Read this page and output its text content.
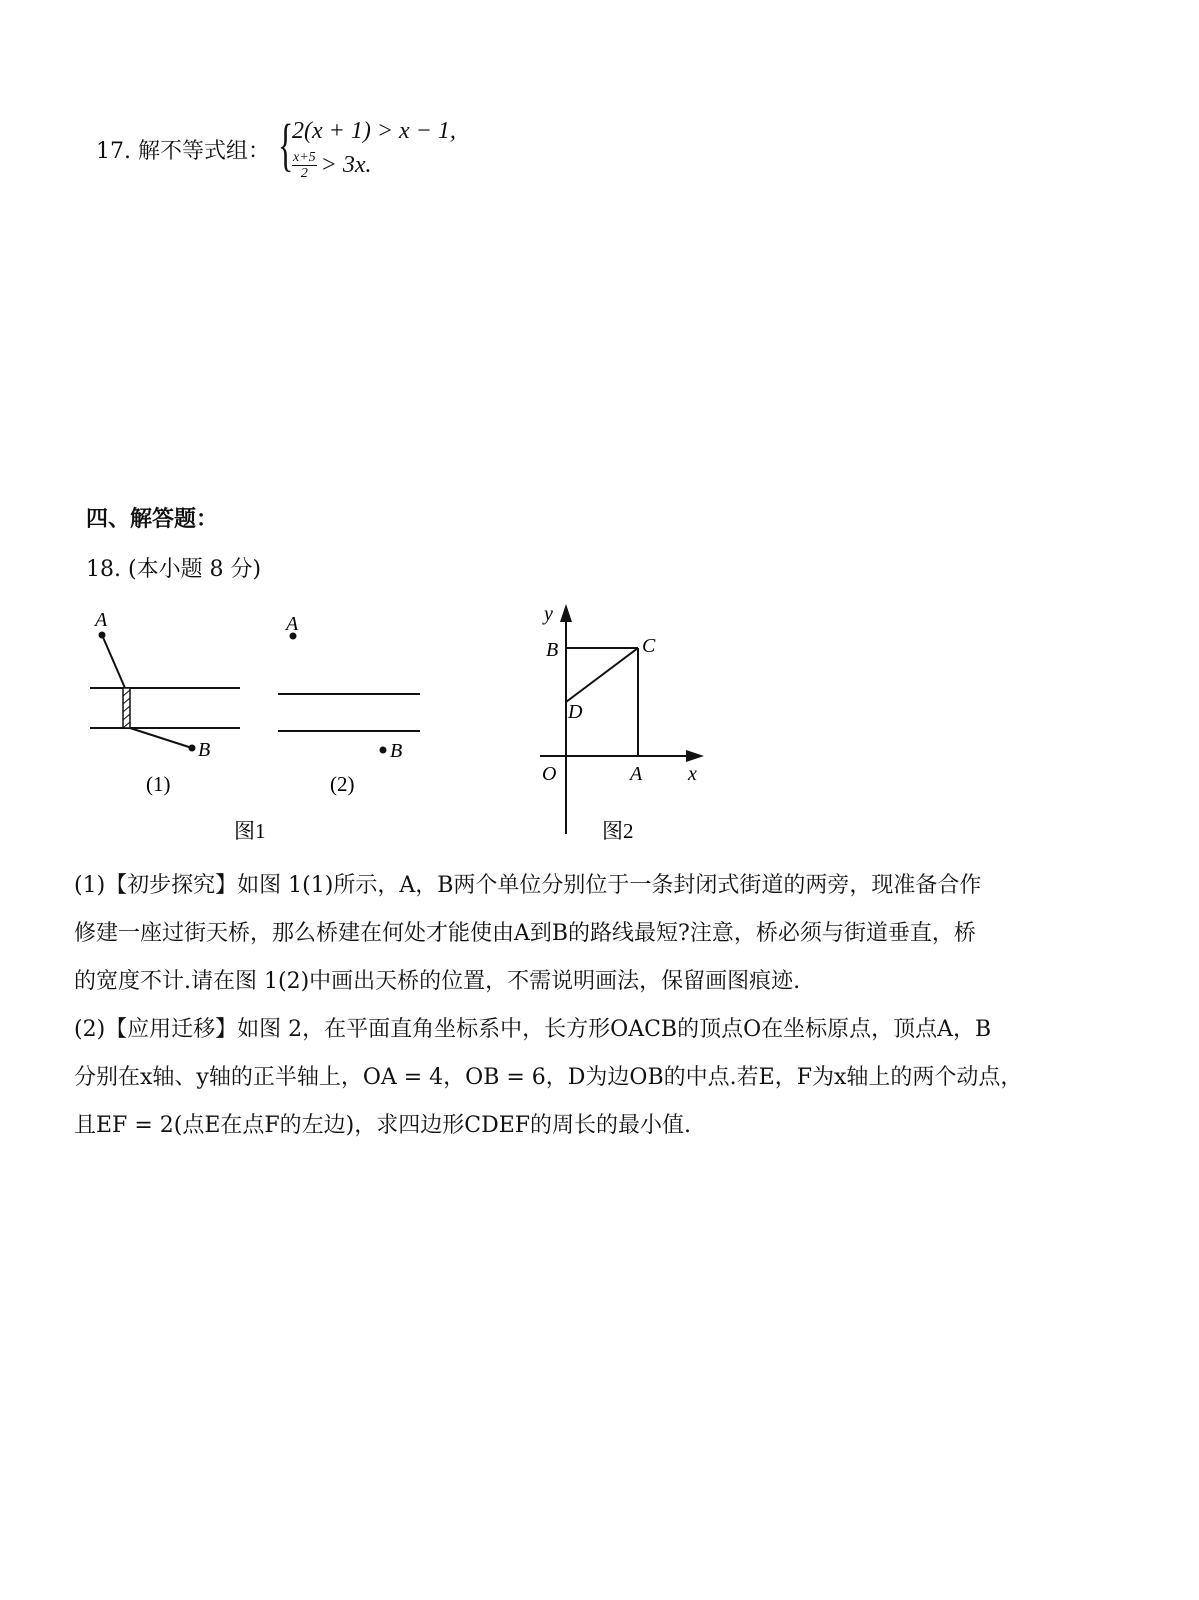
17. 解不等式组： {
2(x + 1) > x − 1,
$\frac{x+5}{2} > 3x$.
四、解答题：
18. (本小题 8 分)
A
B
(1)
A
B
(2)
图1
y
B	C
D
O	A x
图2
(1)【初步探究】如图 1(1)所示，A，B两个单位分别位于一条封闭式街道的两旁，现准备合作
修建一座过街天桥，那么桥建在何处才能使由A到B的路线最短?注意，桥必须与街道垂直，桥
的宽度不计.请在图 1(2)中画出天桥的位置，不需说明画法，保留画图痕迹.
(2)【应用迁移】如图 2，在平面直角坐标系中，长方形OACB的顶点O在坐标原点，顶点A，B
分别在x轴、y轴的正半轴上，OA = 4，OB = 6，D为边OB的中点.若E，F为x轴上的两个动点，
且EF = 2(点E在点F的左边)，求四边形CDEF的周长的最小值.
